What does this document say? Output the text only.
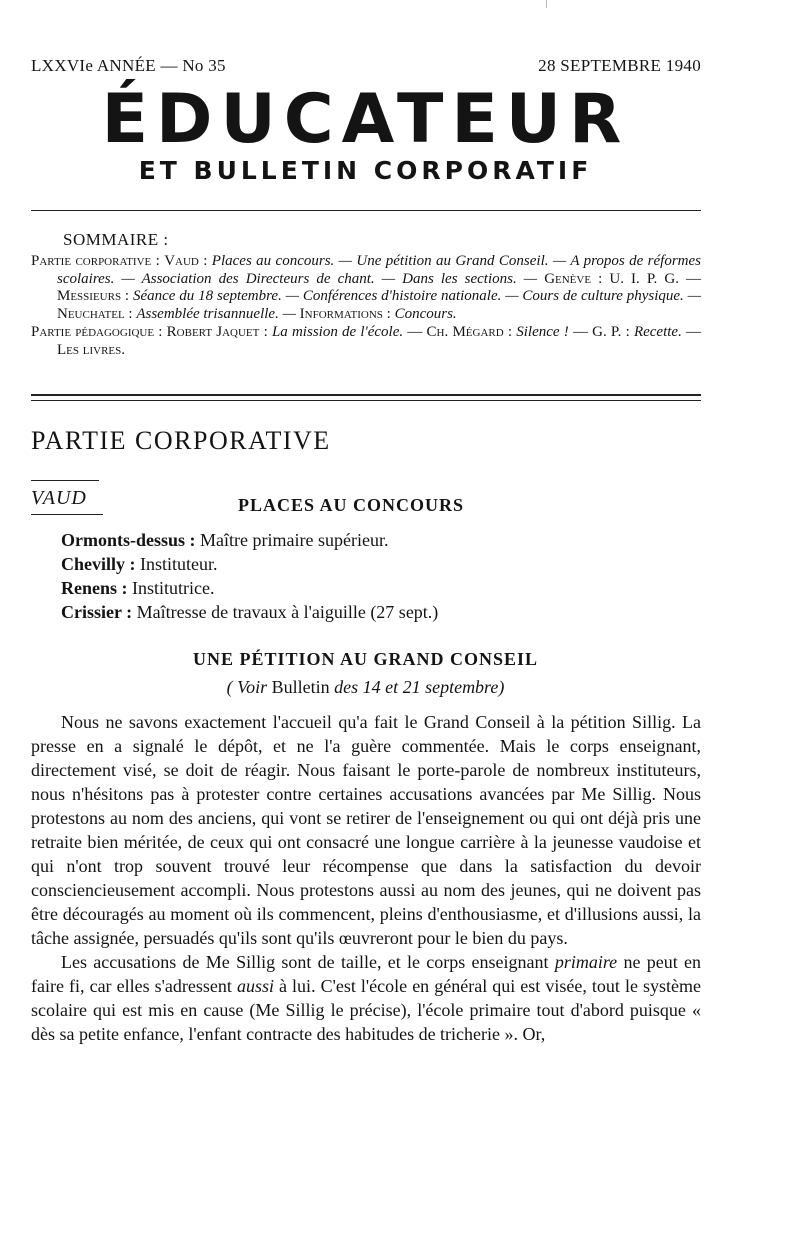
LXXVIe ANNÉE — No 35	28 SEPTEMBRE 1940
ÉDUCATEUR
ET BULLETIN CORPORATIF
SOMMAIRE :

Partie corporative : Vaud : Places au concours. — Une pétition au Grand Conseil. — A propos de réformes scolaires. — Association des Directeurs de chant. — Dans les sections. — Genève : U. I. P. G. — Messieurs : Séance du 18 septembre. — Conférences d'histoire nationale. — Cours de culture physique. — Neuchatel : Assemblée trisannuelle. — Informations : Concours.

Partie pédagogique : Robert Jaquet : La mission de l'école. — Ch. Mégard : Silence ! — G. P. : Recette. — Les livres.

PARTIE CORPORATIVE
VAUD	PLACES AU CONCOURS
Ormonts-dessus : Maître primaire supérieur.
Chevilly : Instituteur.
Renens : Institutrice.
Crissier : Maîtresse de travaux à l'aiguille (27 sept.)
UNE PÉTITION AU GRAND CONSEIL
( Voir Bulletin des 14 et 21 septembre)

Nous ne savons exactement l'accueil qu'a fait le Grand Conseil à la pétition Sillig. La presse en a signalé le dépôt, et ne l'a guère commentée. Mais le corps enseignant, directement visé, se doit de réagir. Nous faisant le porte-parole de nombreux instituteurs, nous n'hésitons pas à protester contre certaines accusations avancées par Me Sillig. Nous protestons au nom des anciens, qui vont se retirer de l'enseignement ou qui ont déjà pris une retraite bien méritée, de ceux qui ont consacré une longue carrière à la jeunesse vaudoise et qui n'ont trop souvent trouvé leur récompense que dans la satisfaction du devoir consciencieusement accompli. Nous protestons aussi au nom des jeunes, qui ne doivent pas être découragés au moment où ils commencent, pleins d'enthousiasme, et d'illusions aussi, la tâche assignée, persuadés qu'ils sont qu'ils œuvreront pour le bien du pays.

Les accusations de Me Sillig sont de taille, et le corps enseignant primaire ne peut en faire fi, car elles s'adressent aussi à lui. C'est l'école en général qui est visée, tout le système scolaire qui est mis en cause (Me Sillig le précise), l'école primaire tout d'abord puisque « dès sa petite enfance, l'enfant contracte des habitudes de tricherie ». Or,
